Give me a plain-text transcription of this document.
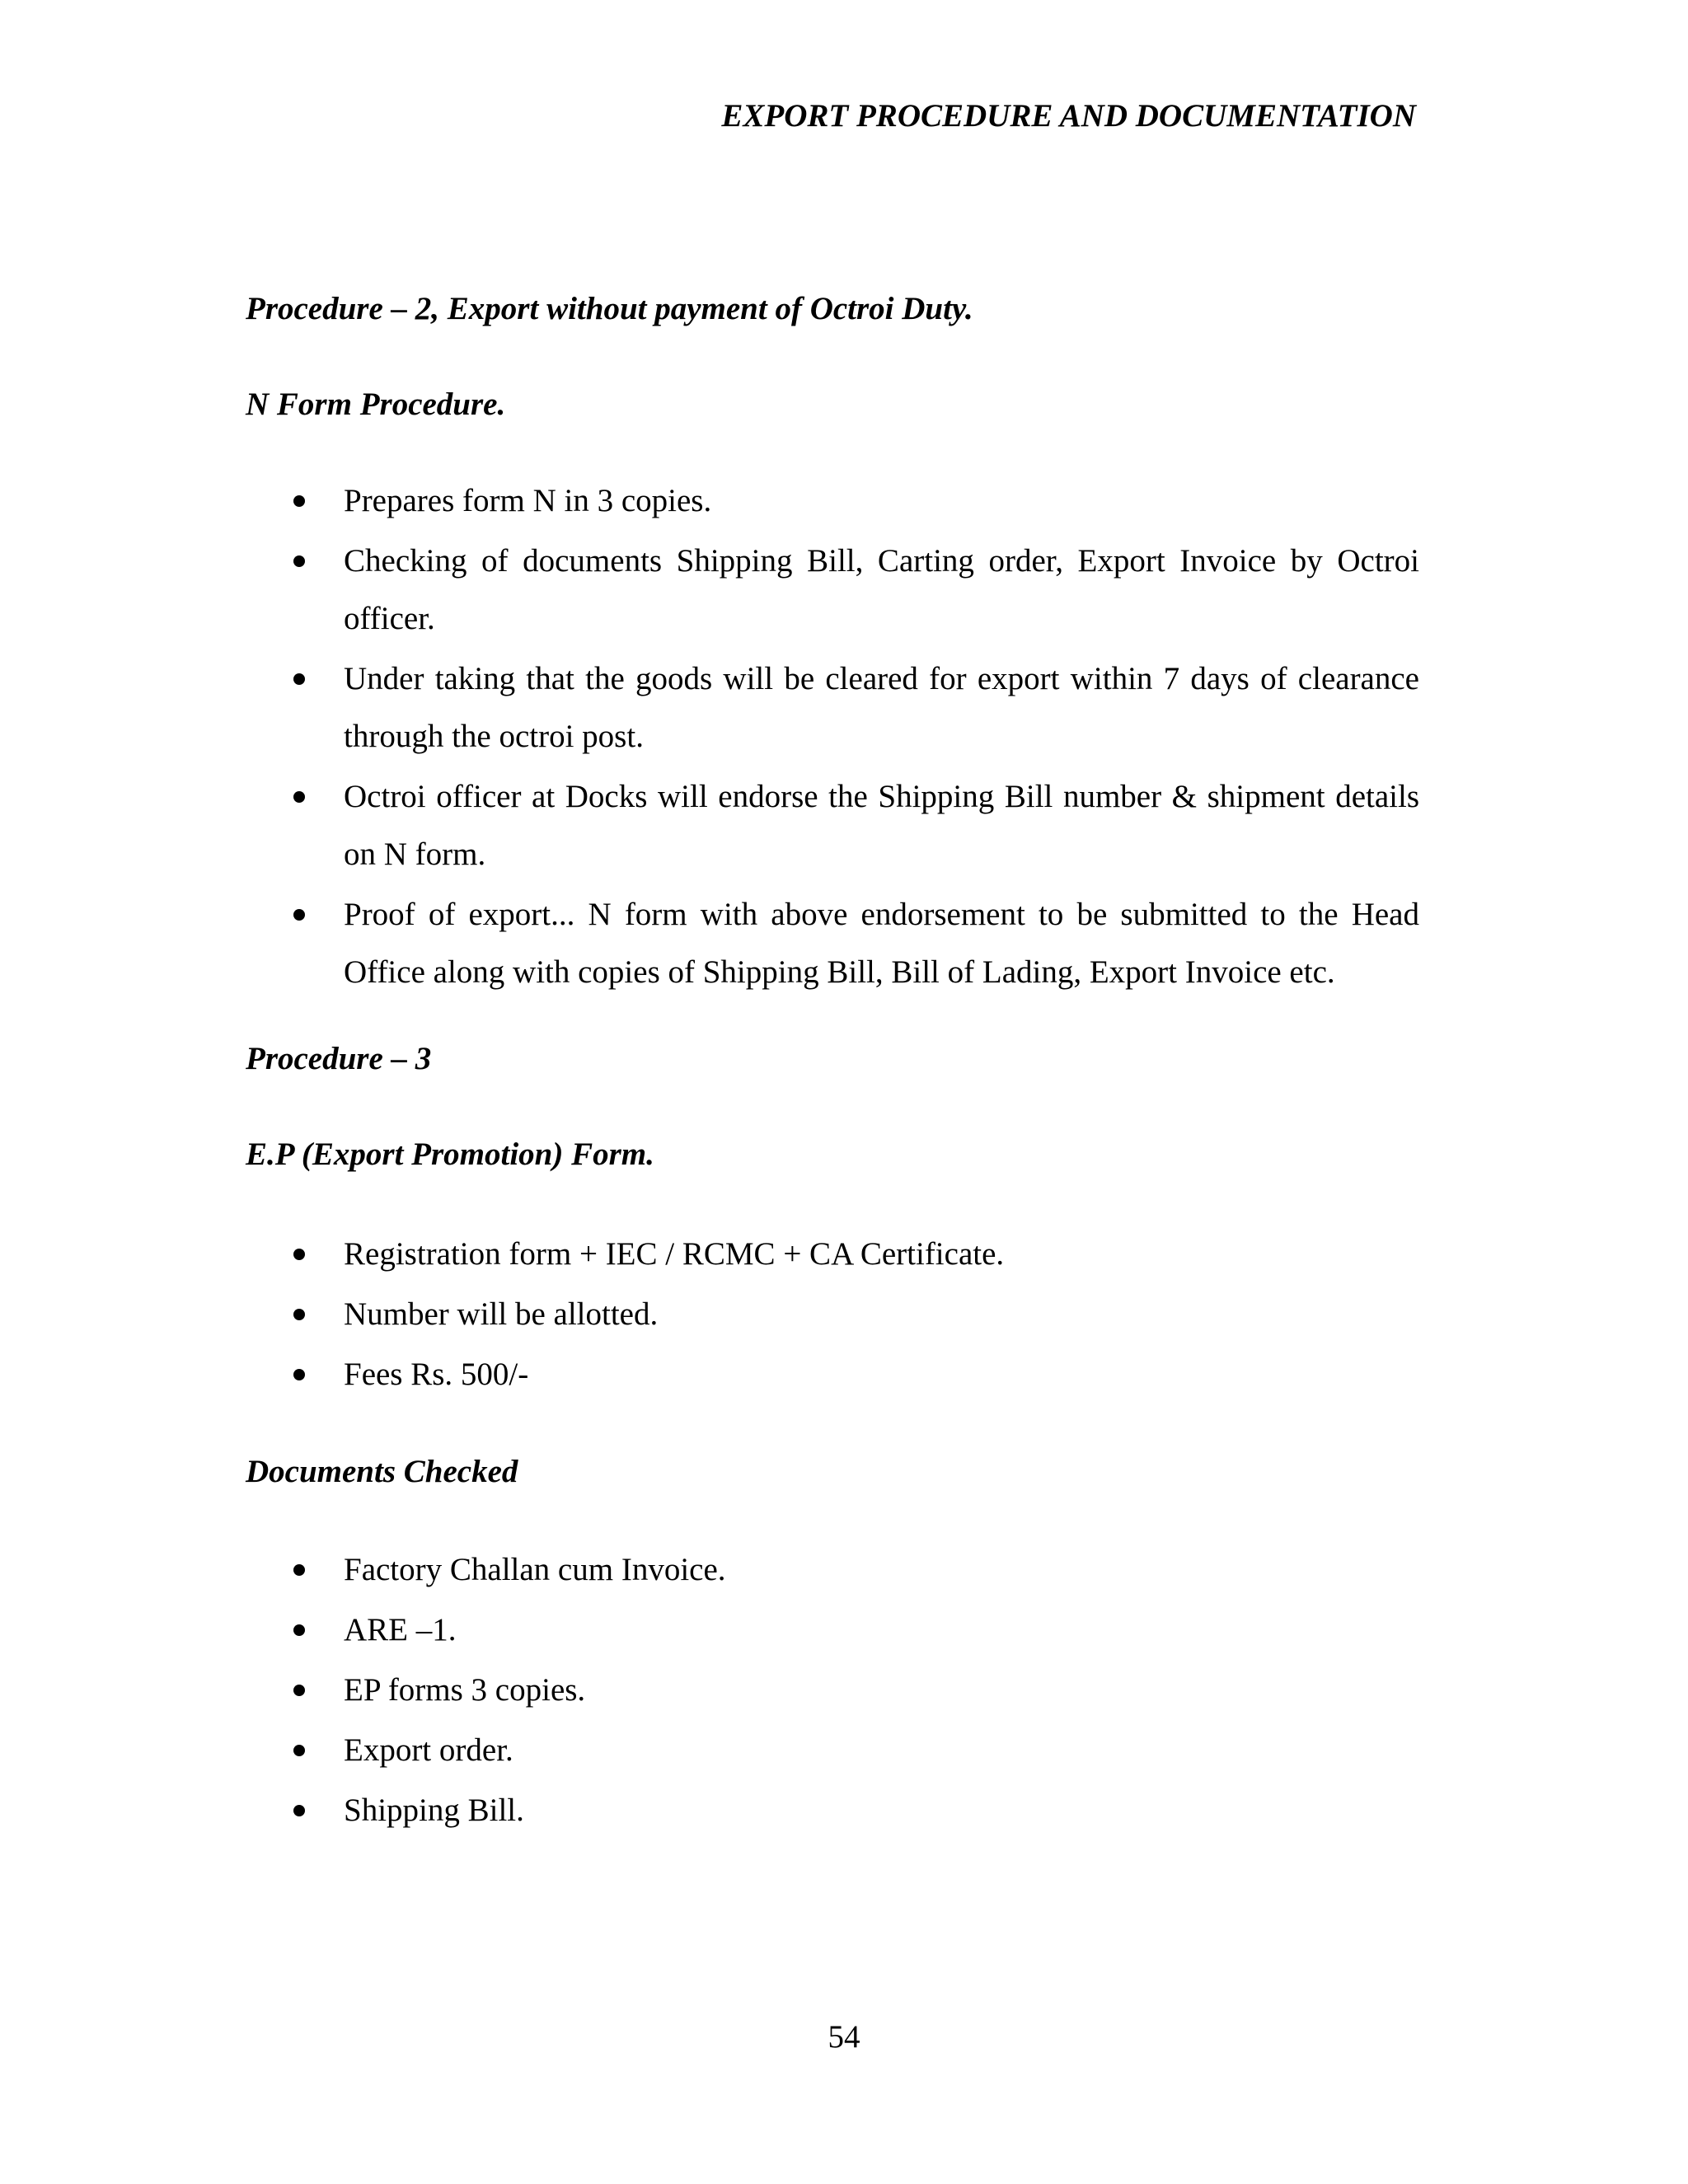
EXPORT PROCEDURE AND DOCUMENTATION
Procedure – 2, Export without payment of Octroi Duty.
N Form Procedure.
Prepares form N in 3 copies.
Checking of documents Shipping Bill, Carting order, Export Invoice by Octroi officer.
Under taking that the goods will be cleared for export within 7 days of clearance through the octroi post.
Octroi officer at Docks will endorse the Shipping Bill number & shipment details on N form.
Proof of export... N form with above endorsement to be submitted to the Head Office along with copies of Shipping Bill, Bill of Lading, Export Invoice etc.
Procedure – 3
E.P (Export Promotion) Form.
Registration form + IEC / RCMC + CA Certificate.
Number will be allotted.
Fees Rs. 500/-
Documents Checked
Factory Challan cum Invoice.
ARE –1.
EP forms 3 copies.
Export order.
Shipping Bill.
54
